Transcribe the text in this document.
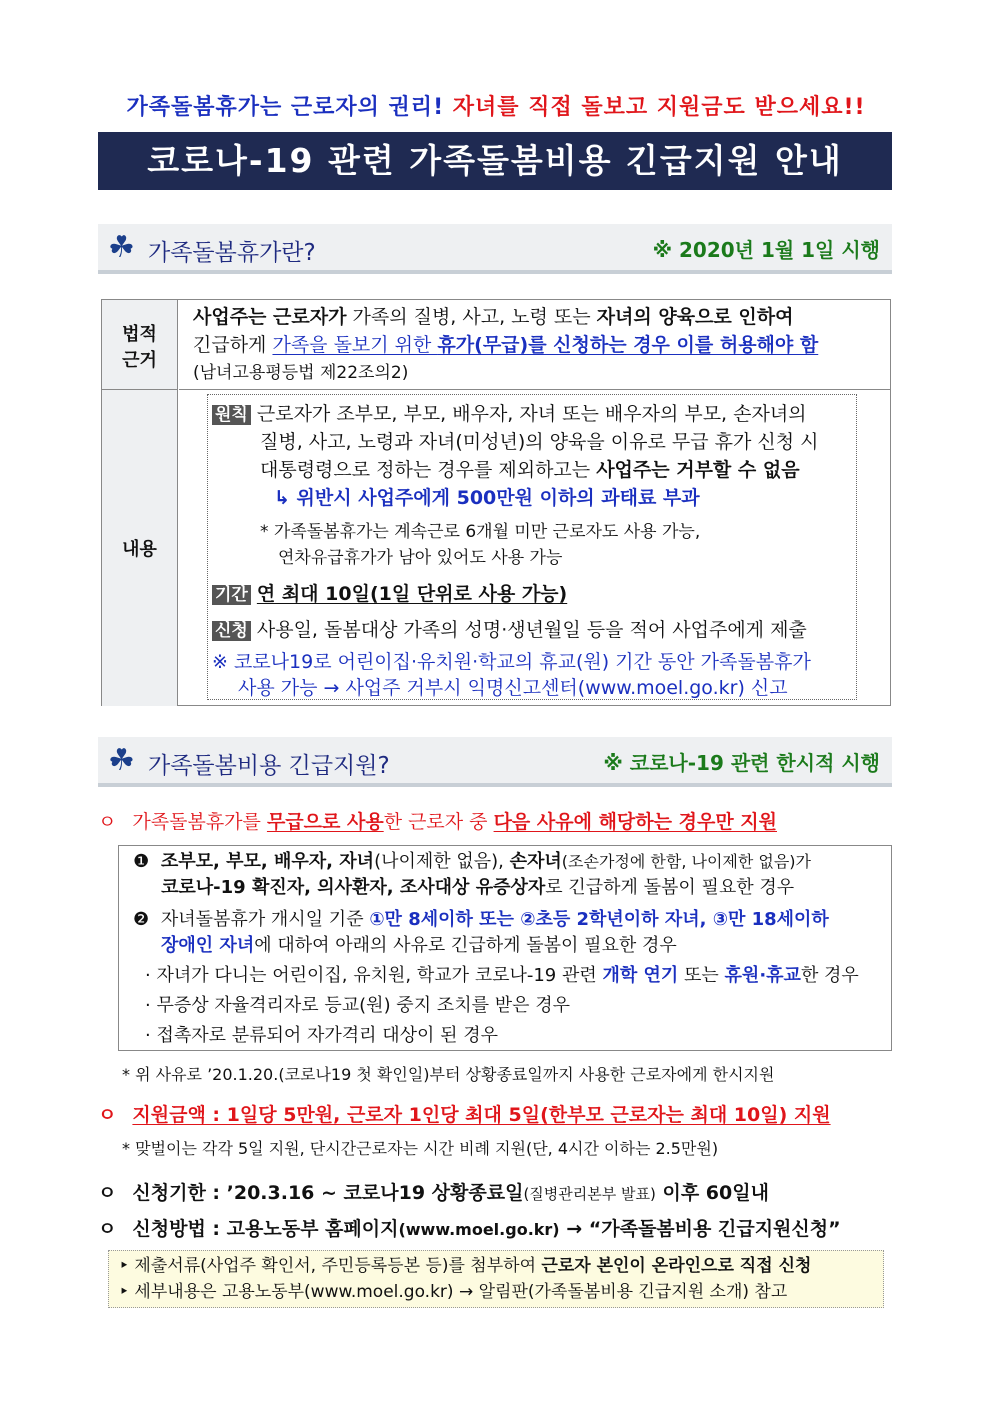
가족돌봄휴가는 근로자의 권리! 자녀를 직접 돌보고 지원금도 받으세요!!
코로나-19 관련 가족돌봄비용 긴급지원 안내
☘ 가족돌봄휴가란?	※ 2020년 1월 1일 시행
법적
근거
사업주는 근로자가 가족의 질병, 사고, 노령 또는 자녀의 양육으로 인하여
긴급하게 가족을 돌보기 위한 휴가(무급)를 신청하는 경우 이를 허용해야 함
(남녀고용평등법 제22조의2)
내용
원칙 근로자가 조부모, 부모, 배우자, 자녀 또는 배우자의 부모, 손자녀의
질병, 사고, 노령과 자녀(미성년)의 양육을 이유로 무급 휴가 신청 시
대통령령으로 정하는 경우를 제외하고는 사업주는 거부할 수 없음
↳ 위반시 사업주에게 500만원 이하의 과태료 부과
* 가족돌봄휴가는 계속근로 6개월 미만 근로자도 사용 가능,
연차유급휴가가 남아 있어도 사용 가능
기간 연 최대 10일(1일 단위로 사용 가능)
신청 사용일, 돌봄대상 가족의 성명·생년월일 등을 적어 사업주에게 제출
※ 코로나19로 어린이집·유치원·학교의 휴교(원) 기간 동안 가족돌봄휴가
사용 가능 → 사업주 거부시 익명신고센터(www.moel.go.kr) 신고
☘ 가족돌봄비용 긴급지원?	※ 코로나-19 관련 한시적 시행
ㅇ 가족돌봄휴가를 무급으로 사용한 근로자 중 다음 사유에 해당하는 경우만 지원
❶ 조부모, 부모, 배우자, 자녀(나이제한 없음), 손자녀(조손가정에 한함, 나이제한 없음)가
코로나-19 확진자, 의사환자, 조사대상 유증상자로 긴급하게 돌봄이 필요한 경우
❷ 자녀돌봄휴가 개시일 기준 ①만 8세이하 또는 ②초등 2학년이하 자녀, ③만 18세이하
장애인 자녀에 대하여 아래의 사유로 긴급하게 돌봄이 필요한 경우
· 자녀가 다니는 어린이집, 유치원, 학교가 코로나-19 관련 개학 연기 또는 휴원·휴교한 경우
· 무증상 자율격리자로 등교(원) 중지 조치를 받은 경우
· 접촉자로 분류되어 자가격리 대상이 된 경우
* 위 사유로 ’20.1.20.(코로나19 첫 확인일)부터 상황종료일까지 사용한 근로자에게 한시지원
ㅇ 지원금액 : 1일당 5만원, 근로자 1인당 최대 5일(한부모 근로자는 최대 10일) 지원
* 맞벌이는 각각 5일 지원, 단시간근로자는 시간 비례 지원(단, 4시간 이하는 2.5만원)
ㅇ 신청기한 : ’20.3.16 ~ 코로나19 상황종료일(질병관리본부 발표) 이후 60일내
ㅇ 신청방법 : 고용노동부 홈페이지(www.moel.go.kr) → “가족돌봄비용 긴급지원신청”
‣ 제출서류(사업주 확인서, 주민등록등본 등)를 첨부하여 근로자 본인이 온라인으로 직접 신청
‣ 세부내용은 고용노동부(www.moel.go.kr) → 알림판(가족돌봄비용 긴급지원 소개) 참고
